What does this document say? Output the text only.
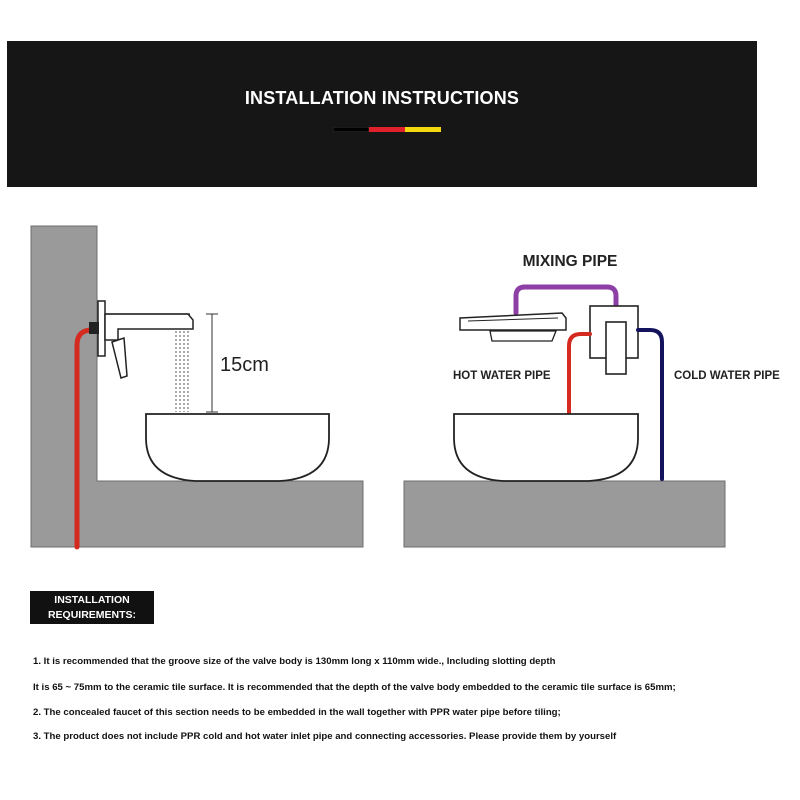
INSTALLATION INSTRUCTIONS
15cm
MIXING PIPE
HOT WATER PIPE	COLD WATER PIPE
INSTALLATION
REQUIREMENTS:

1. It is recommended that the groove size of the valve body is 130mm long x 110mm wide., Including slotting depth

It is 65 ~ 75mm to the ceramic tile surface. It is recommended that the depth of the valve body embedded to the ceramic tile surface is 65mm;

2. The concealed faucet of this section needs to be embedded in the wall together with PPR water pipe before tiling;

3. The product does not include PPR cold and hot water inlet pipe and connecting accessories. Please provide them by yourself
